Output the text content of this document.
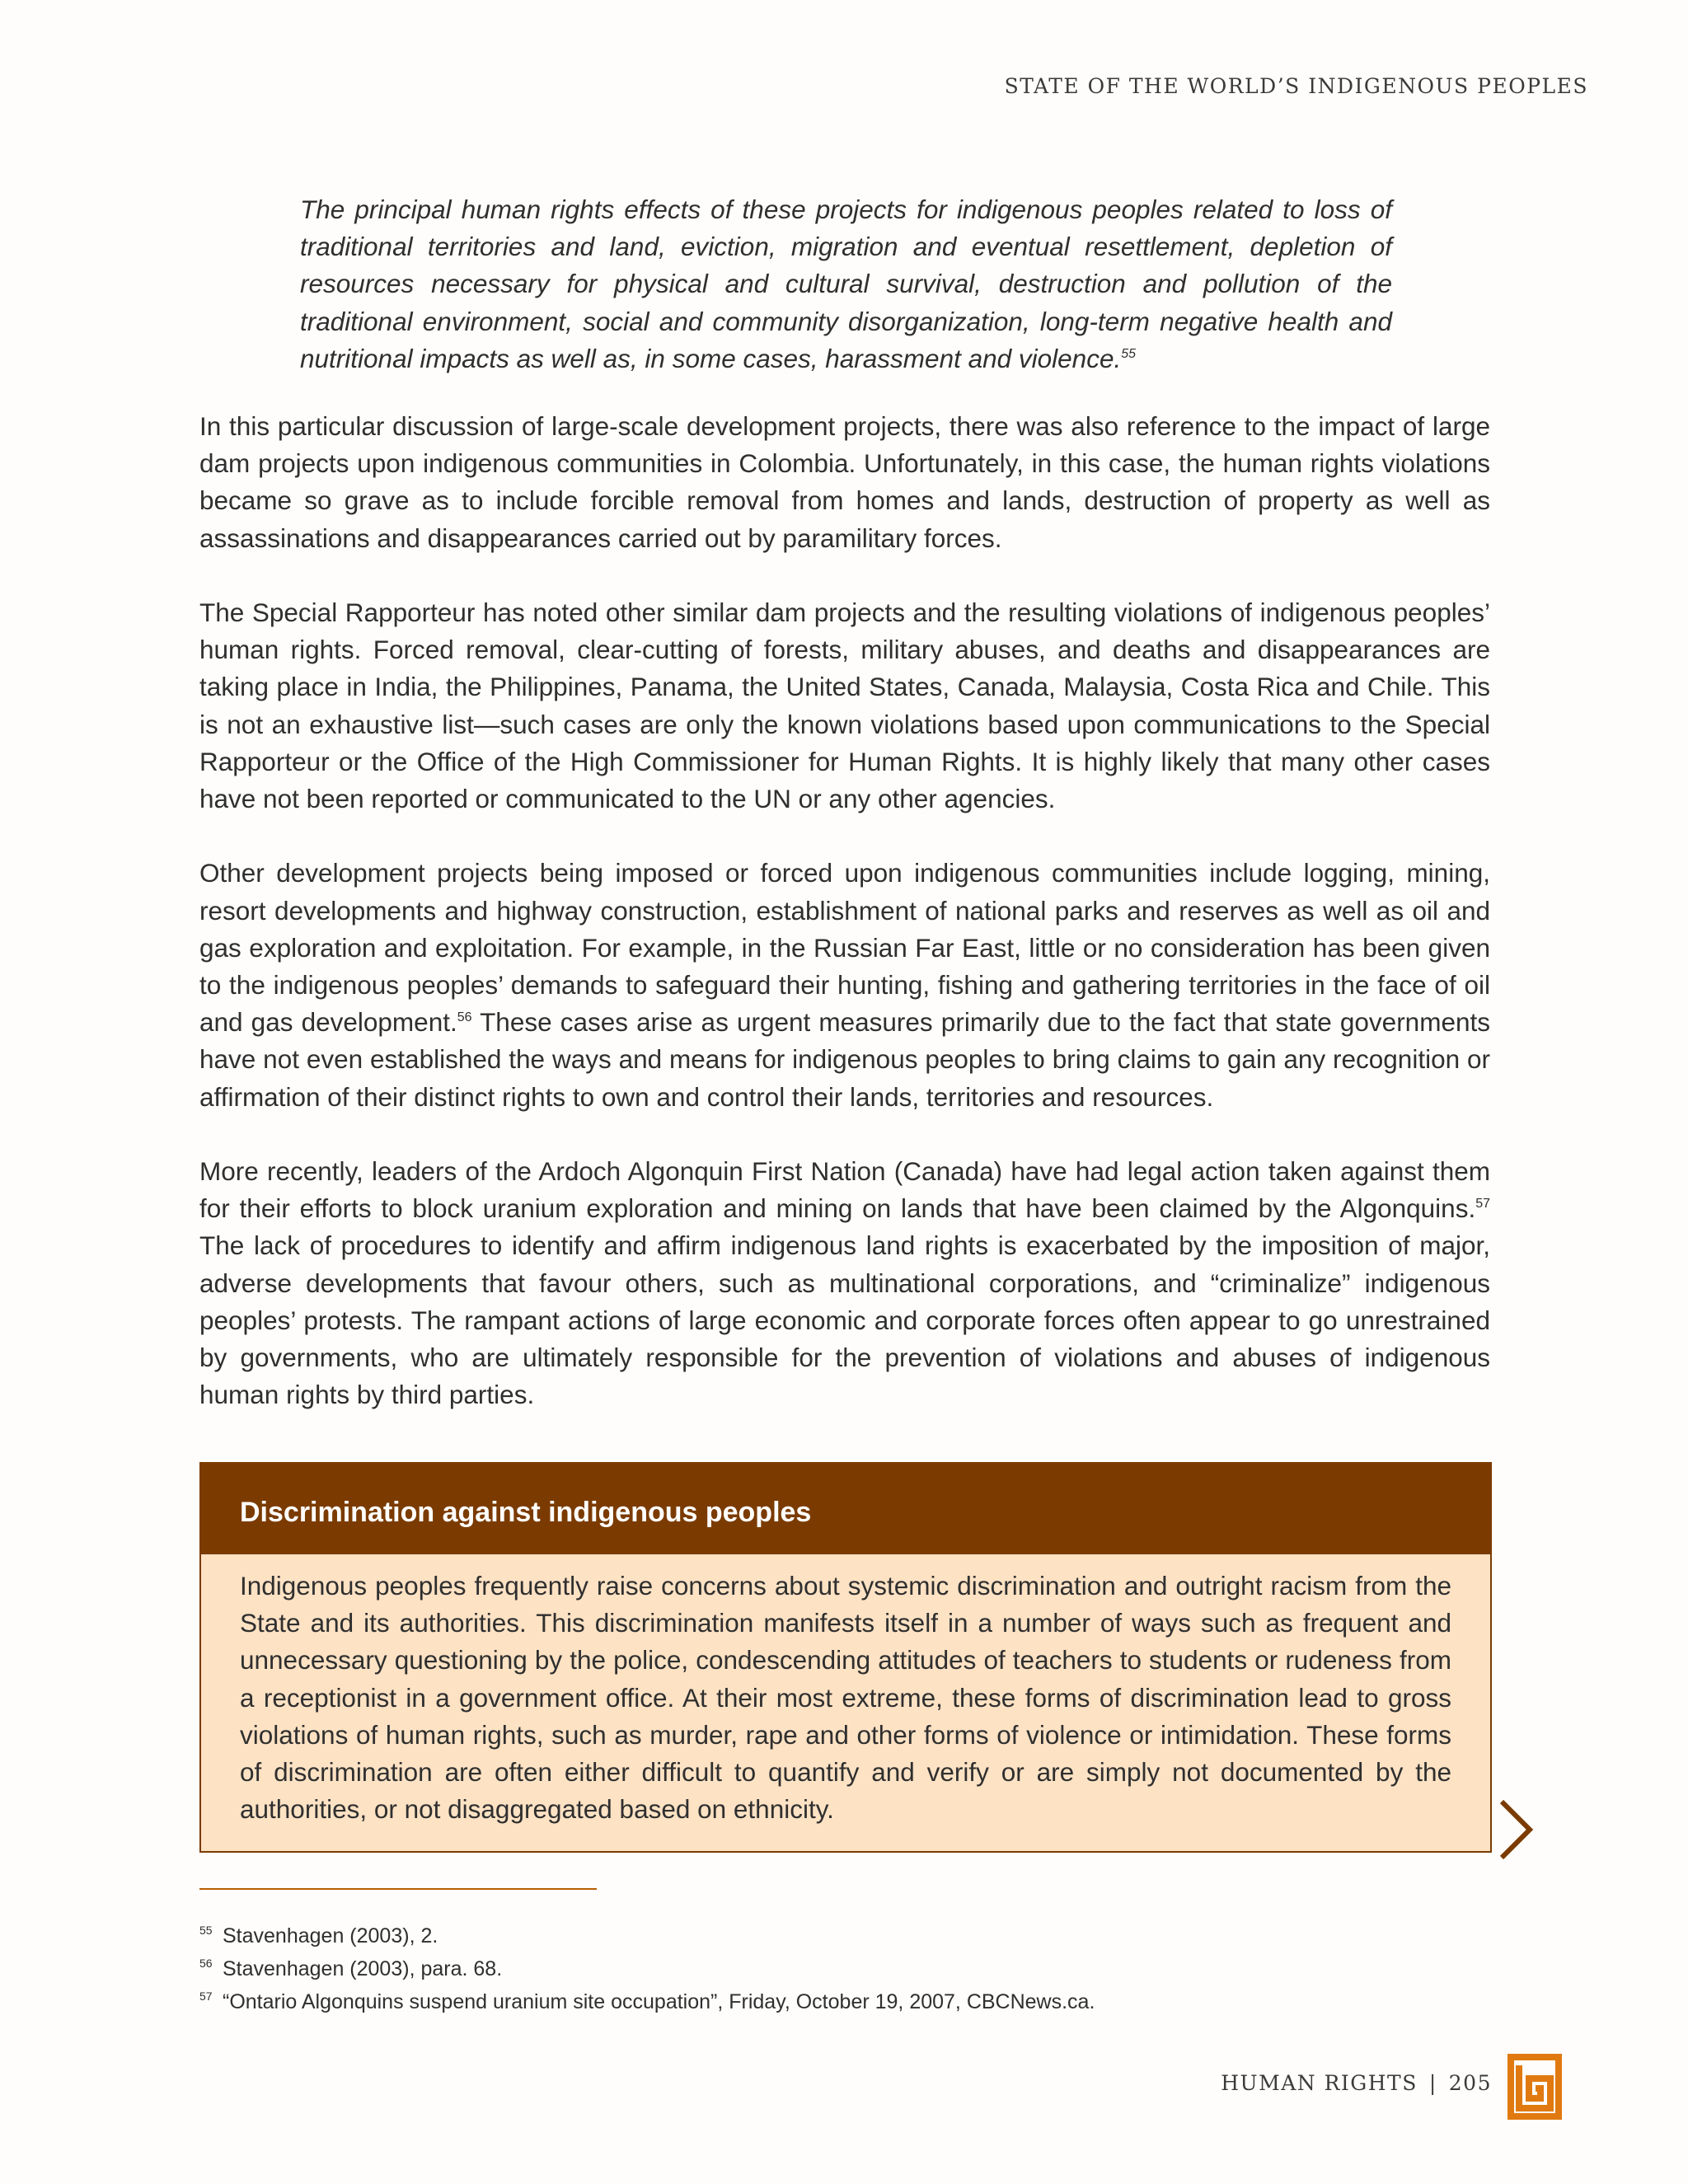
STATE OF THE WORLD’S INDIGENOUS PEOPLES
The principal human rights effects of these projects for indigenous peoples related to loss of traditional territories and land, eviction, migration and eventual resettlement, depletion of resources necessary for physical and cultural survival, destruction and pollution of the traditional environment, social and community disorganization, long-term negative health and nutritional impacts as well as, in some cases, harassment and violence.$^{55}$

In this particular discussion of large-scale development projects, there was also reference to the impact of large dam projects upon indigenous communities in Colombia. Unfortunately, in this case, the human rights violations became so grave as to include forcible removal from homes and lands, destruction of property as well as assassinations and disappearances carried out by paramilitary forces.

The Special Rapporteur has noted other similar dam projects and the resulting violations of indigenous peoples’ human rights. Forced removal, clear-cutting of forests, military abuses, and deaths and disappearances are taking place in India, the Philippines, Panama, the United States, Canada, Malaysia, Costa Rica and Chile. This is not an exhaustive list—such cases are only the known violations based upon communications to the Special Rapporteur or the Office of the High Commissioner for Human Rights. It is highly likely that many other cases have not been reported or communicated to the UN or any other agencies.

Other development projects being imposed or forced upon indigenous communities include logging, mining, resort developments and highway construction, establishment of national parks and reserves as well as oil and gas exploration and exploitation. For example, in the Russian Far East, little or no consideration has been given to the indigenous peoples’ demands to safeguard their hunting, fishing and gathering territories in the face of oil and gas development.$^{56}$ These cases arise as urgent measures primarily due to the fact that state governments have not even established the ways and means for indigenous peoples to bring claims to gain any recognition or affirmation of their distinct rights to own and control their lands, territories and resources.

More recently, leaders of the Ardoch Algonquin First Nation (Canada) have had legal action taken against them for their efforts to block uranium exploration and mining on lands that have been claimed by the Algonquins.$^{57}$ The lack of procedures to identify and affirm indigenous land rights is exacerbated by the imposition of major, adverse developments that favour others, such as multinational corporations, and “criminalize” indigenous peoples’ protests. The rampant actions of large economic and corporate forces often appear to go unrestrained by governments, who are ultimately responsible for the prevention of violations and abuses of indigenous human rights by third parties.

Discrimination against indigenous peoples
Indigenous peoples frequently raise concerns about systemic discrimination and outright racism from the State and its authorities. This discrimination manifests itself in a number of ways such as frequent and unnecessary questioning by the police, condescending attitudes of teachers to students or rudeness from a receptionist in a government office. At their most extreme, these forms of discrimination lead to gross violations of human rights, such as murder, rape and other forms of violence or intimidation. These forms of discrimination are often either difficult to quantify and verify or are simply not documented by the authorities, or not disaggregated based on ethnicity.
55 Stavenhagen (2003), 2.
56 Stavenhagen (2003), para. 68.
57 “Ontario Algonquins suspend uranium site occupation”, Friday, October 19, 2007, CBCNews.ca.
HUMAN RIGHTS | 205
